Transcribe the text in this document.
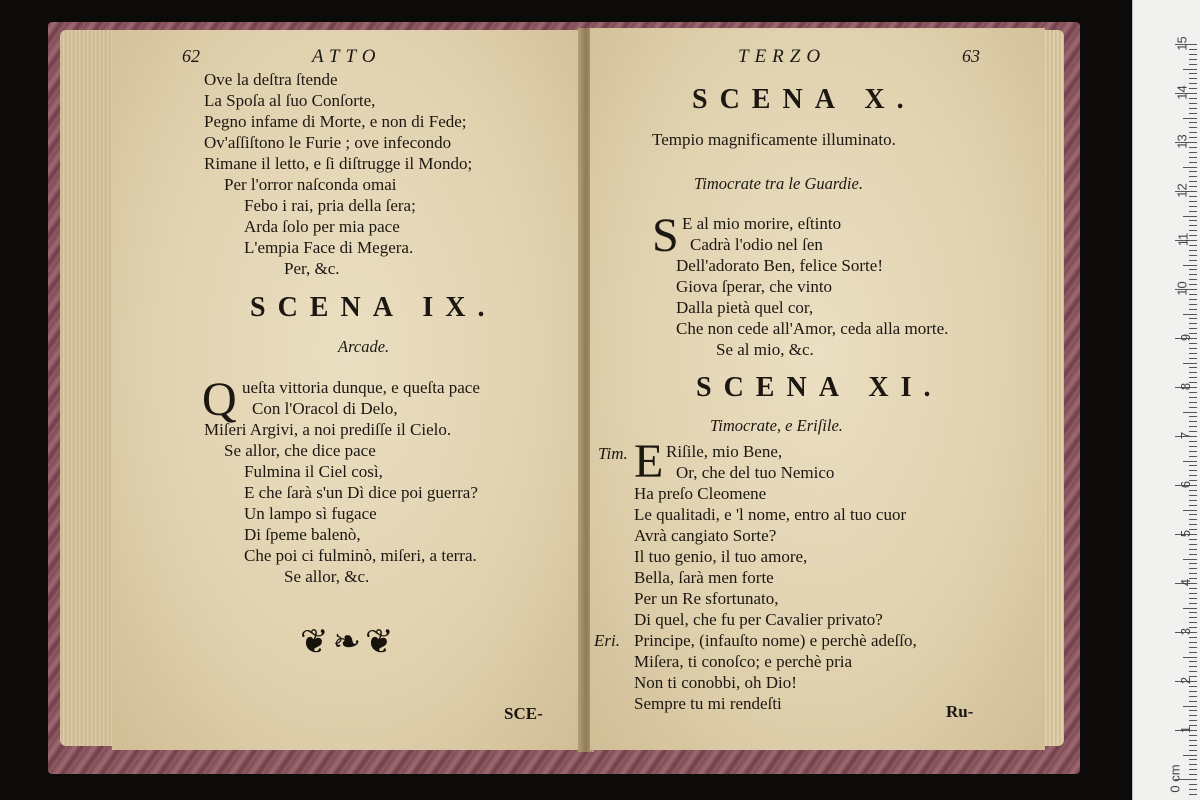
62	ATTO
Ove la deſtra ſtende
La Spoſa al ſuo Conſorte,
Pegno infame di Morte, e non di Fede;
Ov'aſſiſtono le Furie ; ove infecondo
Rimane il letto, e ſi diſtrugge il Mondo;
Per l'orror naſconda omai
Febo i rai, pria della ſera;
Arda ſolo per mia pace
L'empia Face di Megera.
Per, &c.
SCENA IX.
Arcade.
Q ueſta vittoria dunque, e queſta pace
Con l'Oracol di Delo,
Miſeri Argivi, a noi prediſſe il Cielo.
Se allor, che dice pace
Fulmina il Ciel così,
E che ſarà s'un Dì dice poi guerra?
Un lampo sì fugace
Di ſpeme balenò,
Che poi ci fulminò, miſeri, a terra.
Se allor, &c.
❦❧❦
SCE-
TERZO	63
SCENA X.
Tempio magnificamente illuminato.
Timocrate tra le Guardie.
S E al mio morire, eſtinto
Cadrà l'odio nel ſen
Dell'adorato Ben, felice Sorte!
Giova ſperar, che vinto
Dalla pietà quel cor,
Che non cede all'Amor, ceda alla morte.
Se al mio, &c.
SCENA XI.
Timocrate, e Eriſile.
Tim. E Riſile, mio Bene,
Or, che del tuo Nemico
Ha preſo Cleomene
Le qualitadi, e 'l nome, entro al tuo cuor
Avrà cangiato Sorte?
Il tuo genio, il tuo amore,
Bella, ſarà men forte
Per un Re sfortunato,
Di quel, che fu per Cavalier privato?
Eri. Principe, (infauſto nome) e perchè adeſſo,
Miſera, ti conoſco; e perchè pria
Non ti conobbi, oh Dio!
Sempre tu mi rendeſti	Ru-
15
14
13
12
11
10
9
8
7
6
5
4
3
2
1
0 cm
